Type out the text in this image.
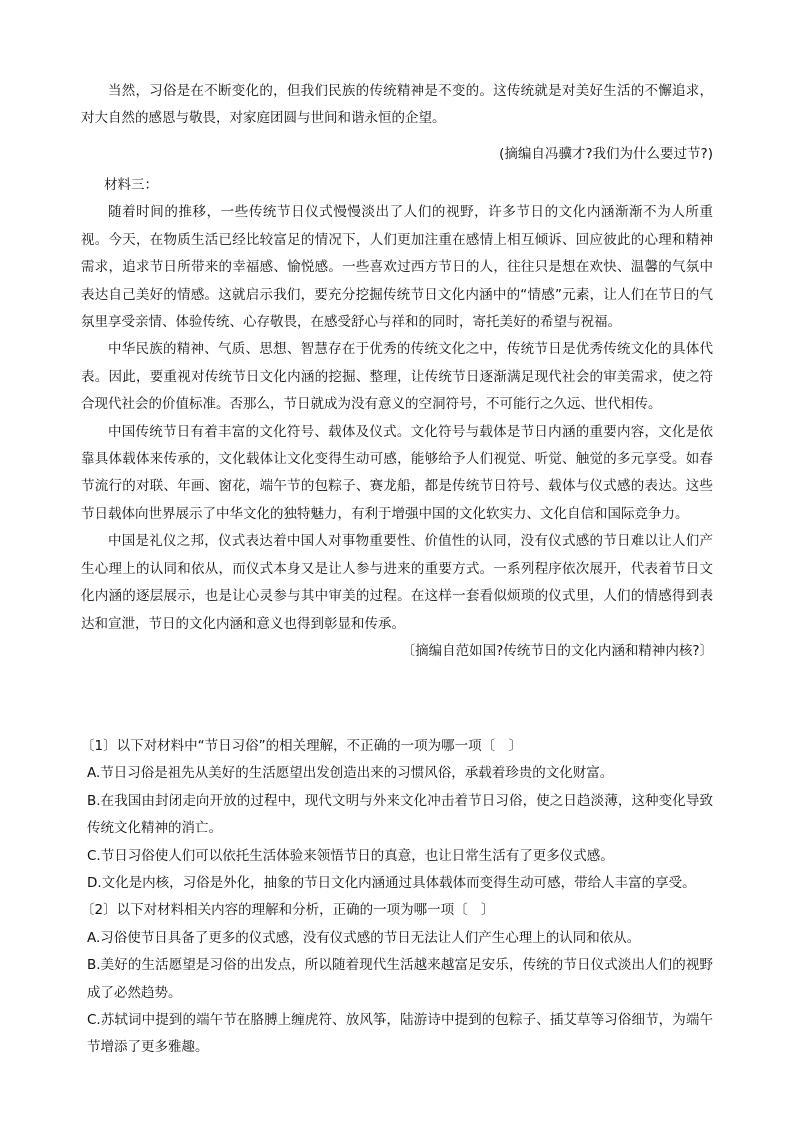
当然，习俗是在不断变化的，但我们民族的传统精神是不变的。这传统就是对美好生活的不懈追求，对大自然的感恩与敬畏，对家庭团圆与世间和谐永恒的企望。

(摘编自冯骥才?我们为什么要过节?)

材料三：

随着时间的推移，一些传统节日仪式慢慢淡出了人们的视野，许多节日的文化内涵渐渐不为人所重视。今天，在物质生活已经比较富足的情况下，人们更加注重在感情上相互倾诉、回应彼此的心理和精神需求，追求节日所带来的幸福感、愉悦感。一些喜欢过西方节日的人，往往只是想在欢快、温馨的气氛中表达自己美好的情感。这就启示我们，要充分挖掘传统节日文化内涵中的“情感”元素，让人们在节日的气氛里享受亲情、体验传统、心存敬畏，在感受舒心与祥和的同时，寄托美好的希望与祝福。

中华民族的精神、气质、思想、智慧存在于优秀的传统文化之中，传统节日是优秀传统文化的具体代表。因此，要重视对传统节日文化内涵的挖掘、整理，让传统节日逐渐满足现代社会的审美需求，使之符合现代社会的价值标准。否那么，节日就成为没有意义的空洞符号，不可能行之久远、世代相传。

中国传统节日有着丰富的文化符号、载体及仪式。文化符号与载体是节日内涵的重要内容，文化是依靠具体载体来传承的，文化载体让文化变得生动可感，能够给予人们视觉、听觉、触觉的多元享受。如春节流行的对联、年画、窗花，端午节的包粽子、赛龙船，都是传统节日符号、载体与仪式感的表达。这些节日载体向世界展示了中华文化的独特魅力，有利于增强中国的文化软实力、文化自信和国际竞争力。

中国是礼仪之邦，仪式表达着中国人对事物重要性、价值性的认同，没有仪式感的节日难以让人们产生心理上的认同和依从，而仪式本身又是让人参与进来的重要方式。一系列程序依次展开，代表着节日文化内涵的逐层展示，也是让心灵参与其中审美的过程。在这样一套看似烦琐的仪式里，人们的情感得到表达和宣泄，节日的文化内涵和意义也得到彰显和传承。

〔摘编自范如国?传统节日的文化内涵和精神内核?〕

〔1〕以下对材料中“节日习俗”的相关理解，不正确的一项为哪一项〔　〕

A.节日习俗是祖先从美好的生活愿望出发创造出来的习惯风俗，承载着珍贵的文化财富。

B.在我国由封闭走向开放的过程中，现代文明与外来文化冲击着节日习俗，使之日趋淡薄，这种变化导致传统文化精神的消亡。

C.节日习俗使人们可以依托生活体验来领悟节日的真意，也让日常生活有了更多仪式感。

D.文化是内核，习俗是外化，抽象的节日文化内涵通过具体载体而变得生动可感，带给人丰富的享受。

〔2〕以下对材料相关内容的理解和分析，正确的一项为哪一项〔　〕

A.习俗使节日具备了更多的仪式感，没有仪式感的节日无法让人们产生心理上的认同和依从。

B.美好的生活愿望是习俗的出发点，所以随着现代生活越来越富足安乐，传统的节日仪式淡出人们的视野成了必然趋势。

C.苏轼词中提到的端午节在胳膊上缠虎符、放风筝，陆游诗中提到的包粽子、插艾草等习俗细节，为端午节增添了更多雅趣。
